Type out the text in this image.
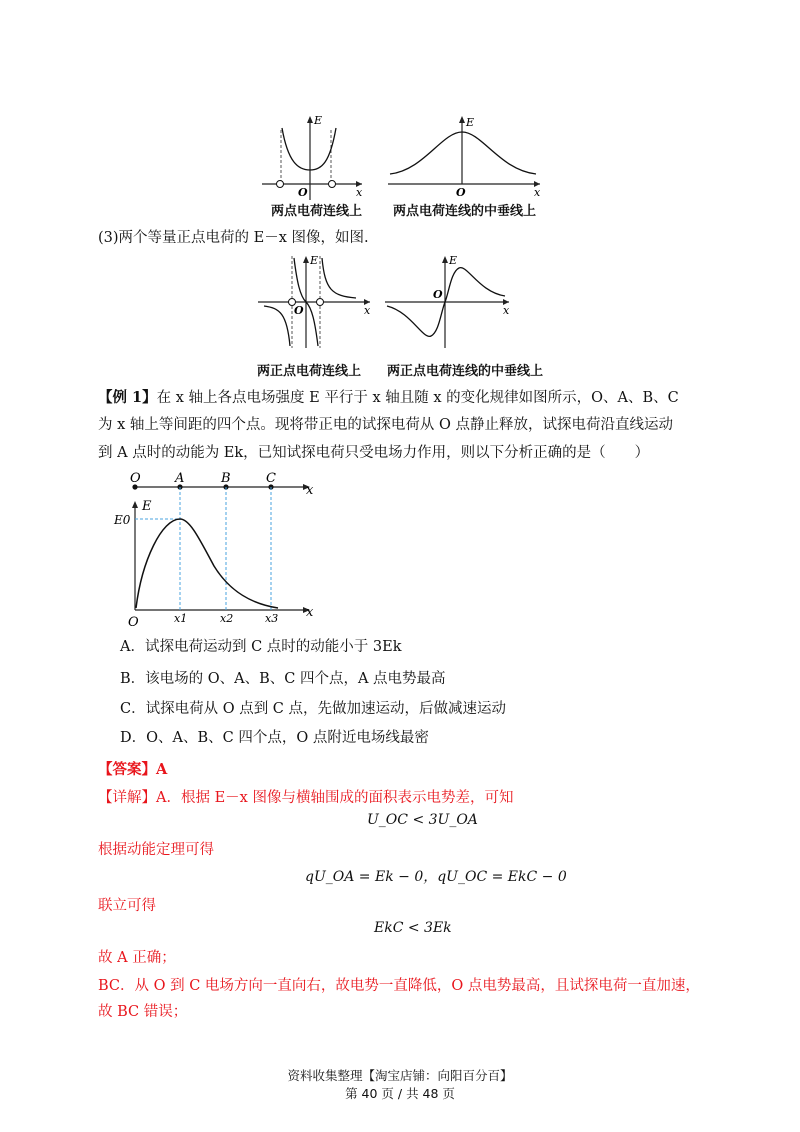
E
x
O
两点电荷连线上
E
x
O
两点电荷连线的中垂线上
(3)两个等量正点电荷的 E－x 图像，如图.
E
x
O
E
x
O
两正点电荷连线上 两正点电荷连线的中垂线上
【例 1】在 x 轴上各点电场强度 E 平行于 x 轴且随 x 的变化规律如图所示，O、A、B、C
为 x 轴上等间距的四个点。现将带正电的试探电荷从 O 点静止释放，试探电荷沿直线运动
到 A 点时的动能为 Ek，已知试探电荷只受电场力作用，则以下分析正确的是（　　）
O	A	B	C
x
E
E0
O	x1	x2	x3 x
A．试探电荷运动到 C 点时的动能小于 3Ek
B．该电场的 O、A、B、C 四个点，A 点电势最高
C．试探电荷从 O 点到 C 点，先做加速运动，后做减速运动
D．O、A、B、C 四个点，O 点附近电场线最密
【答案】A
【详解】A．根据 E－x 图像与横轴围成的面积表示电势差，可知
U_OC < 3U_OA
根据动能定理可得
qU_OA = Ek − 0，qU_OC = EkC − 0
联立可得
EkC < 3Ek
故 A 正确；
BC．从 O 到 C 电场方向一直向右，故电势一直降低，O 点电势最高，且试探电荷一直加速，
故 BC 错误；
资料收集整理【淘宝店铺：向阳百分百】
第 40 页 / 共 48 页
